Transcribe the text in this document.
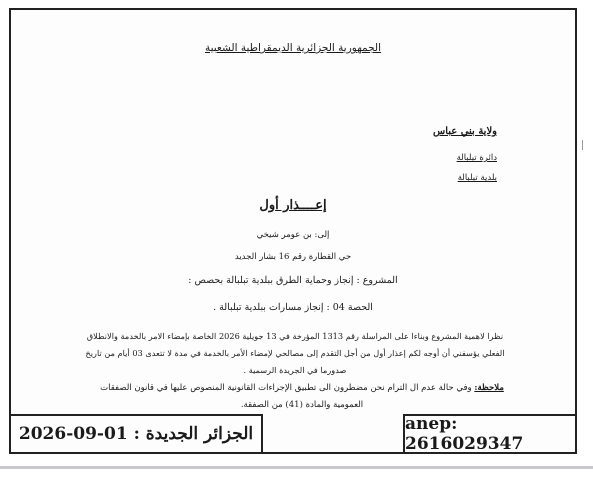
الجمهورية الجزائرية الديمقراطية الشعبية
ولاية بني عباس
دائرة تبلبالة
بلدية تبلبالة
إعــــذار أول
إلى: بن عومر شيخي
حي القطارة رقم 16 بشار الجديد
المشروع : إنجاز وحماية الطرق ببلدية تبلبالة بحصص :
الحصة 04 : إنجاز مسارات ببلدية تبلبالة .
نظرا لاهمية المشروع وبناءا على المراسلة رقم 1313 المؤرخة في 13 جويلية 2026 الخاصة بإمضاء الامر بالخدمة والانطلاق الفعلي يؤسفني أن أوجه لكم إعذار أول من أجل التقدم إلى مصالحي لإمضاء الأمر بالخدمة في مدة لا تتعدى 03 أيام من تاريخ صدورما في الجريدة الرسمية .
ملاحظة: وفي حالة عدم ال الترام نحن مضطرون الى تطبيق الإجراءات القانونية المنصوص عليها في قانون الصفقات العمومية والمادة (41) من الصفقة.
الجزائر الجديدة : 01-09-2026	anep: 2616029347
